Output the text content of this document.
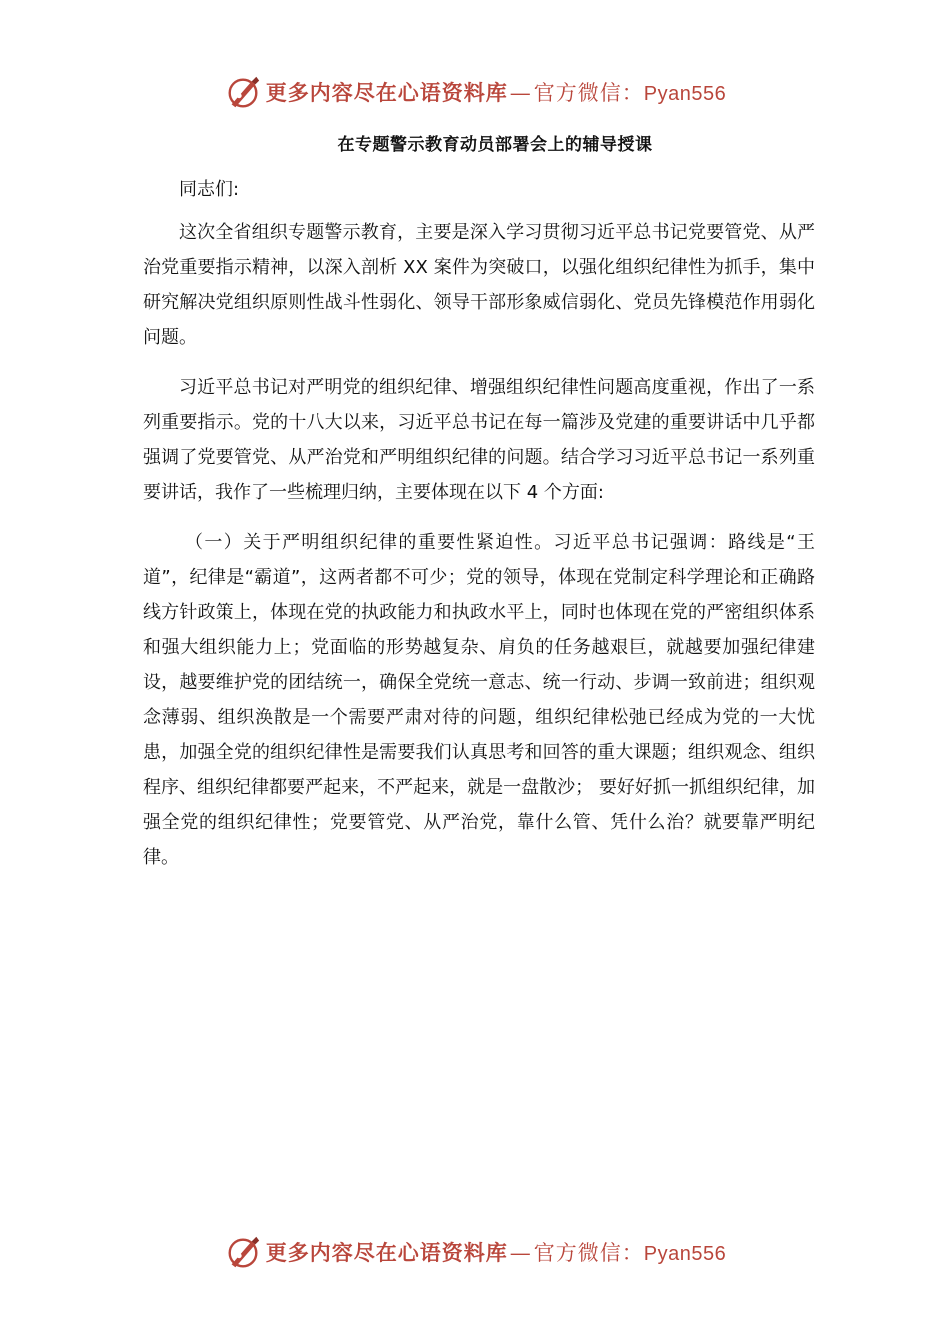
更多内容尽在心语资料库—官方微信：Pyan556
在专题警示教育动员部署会上的辅导授课

同志们:

这次全省组织专题警示教育，主要是深入学习贯彻习近平总书记党要管党、从严治党重要指示精神，以深入剖析 XX 案件为突破口，以强化组织纪律性为抓手，集中研究解决党组织原则性战斗性弱化、领导干部形象威信弱化、党员先锋模范作用弱化问题。

习近平总书记对严明党的组织纪律、增强组织纪律性问题高度重视，作出了一系列重要指示。党的十八大以来，习近平总书记在每一篇涉及党建的重要讲话中几乎都强调了党要管党、从严治党和严明组织纪律的问题。结合学习习近平总书记一系列重要讲话，我作了一些梳理归纳，主要体现在以下 4 个方面:

（一）关于严明组织纪律的重要性紧迫性。习近平总书记强调：路线是“王道”，纪律是“霸道”，这两者都不可少；党的领导，体现在党制定科学理论和正确路线方针政策上，体现在党的执政能力和执政水平上，同时也体现在党的严密组织体系和强大组织能力上；党面临的形势越复杂、肩负的任务越艰巨，就越要加强纪律建设，越要维护党的团结统一，确保全党统一意志、统一行动、步调一致前进；组织观念薄弱、组织涣散是一个需要严肃对待的问题，组织纪律松弛已经成为党的一大忧患，加强全党的组织纪律性是需要我们认真思考和回答的重大课题；组织观念、组织程序、组织纪律都要严起来，不严起来，就是一盘散沙； 要好好抓一抓组织纪律，加强全党的组织纪律性；党要管党、从严治党，靠什么管、凭什么治？就要靠严明纪律。

更多内容尽在心语资料库—官方微信：Pyan556
